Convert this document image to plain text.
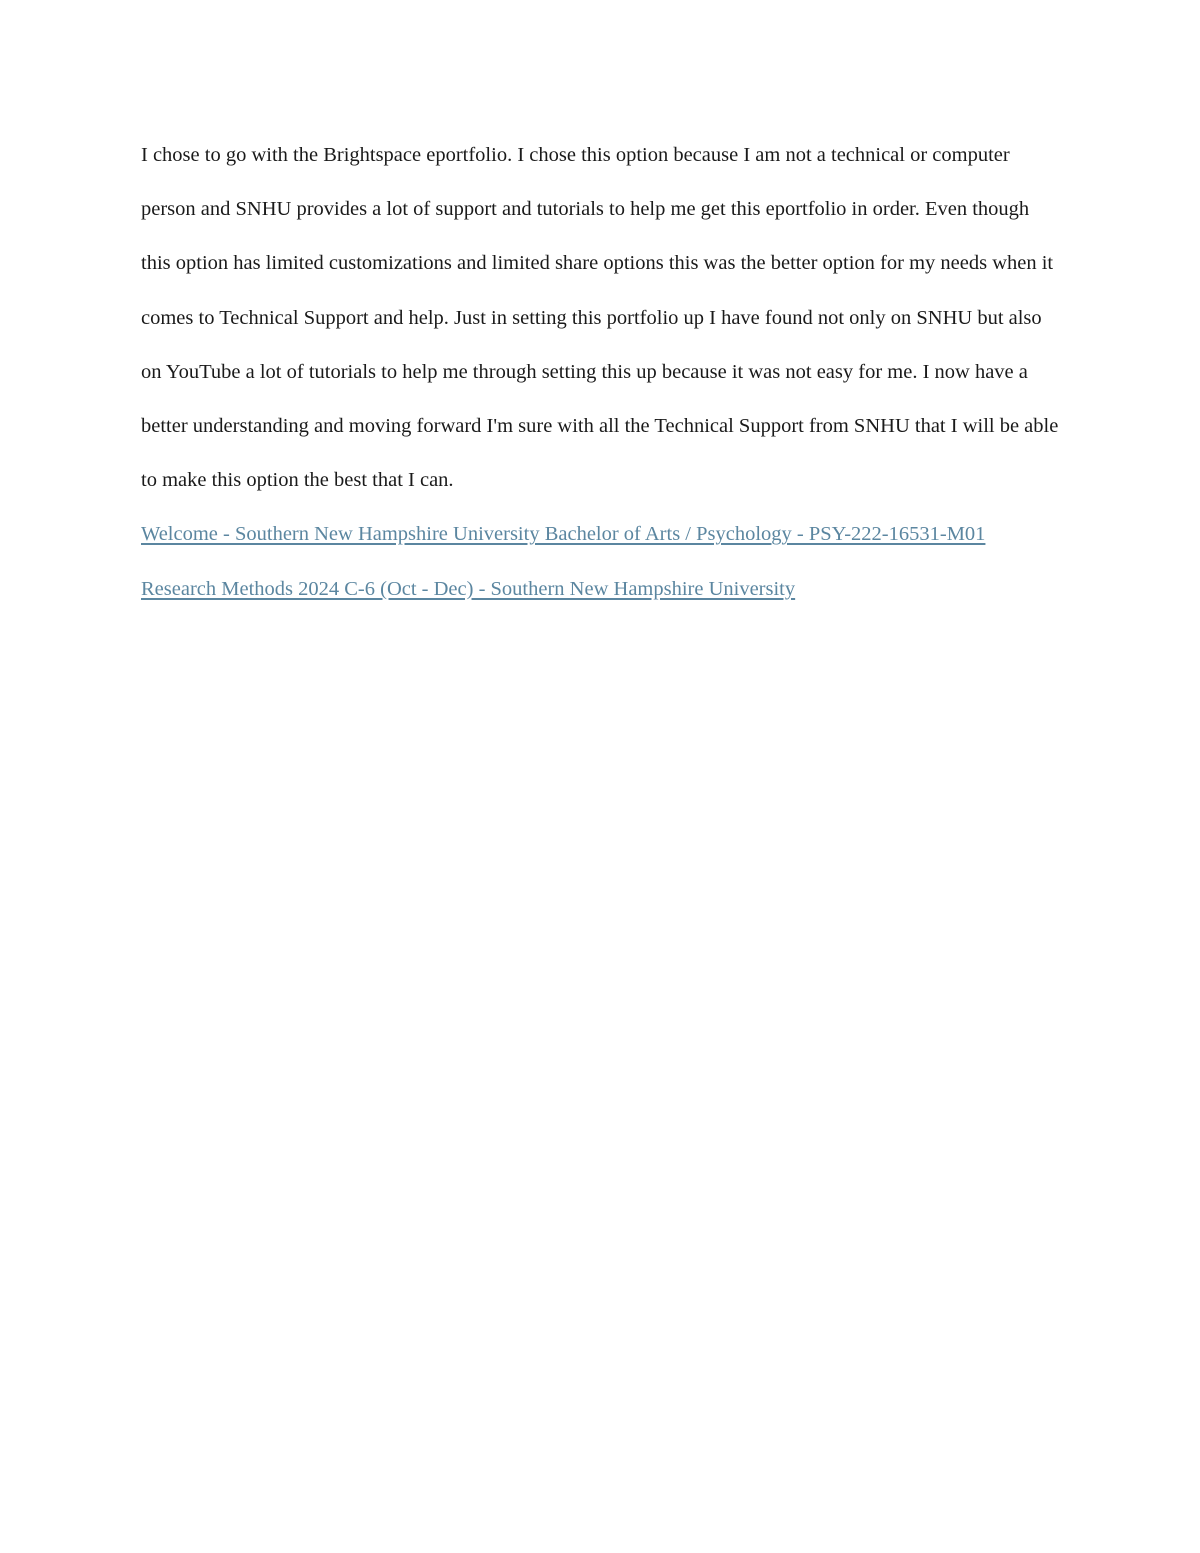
I chose to go with the Brightspace eportfolio. I chose this option because I am not a technical or computer person and SNHU provides a lot of support and tutorials to help me get this eportfolio in order. Even though this option has limited customizations and limited share options this was the better option for my needs when it comes to Technical Support and help. Just in setting this portfolio up I have found not only on SNHU but also on YouTube a lot of tutorials to help me through setting this up because it was not easy for me. I now have a better understanding and moving forward I'm sure with all the Technical Support from SNHU that I will be able to make this option the best that I can.

Welcome - Southern New Hampshire University Bachelor of Arts / Psychology - PSY-222-16531-M01 Research Methods 2024 C-6 (Oct - Dec) - Southern New Hampshire University
